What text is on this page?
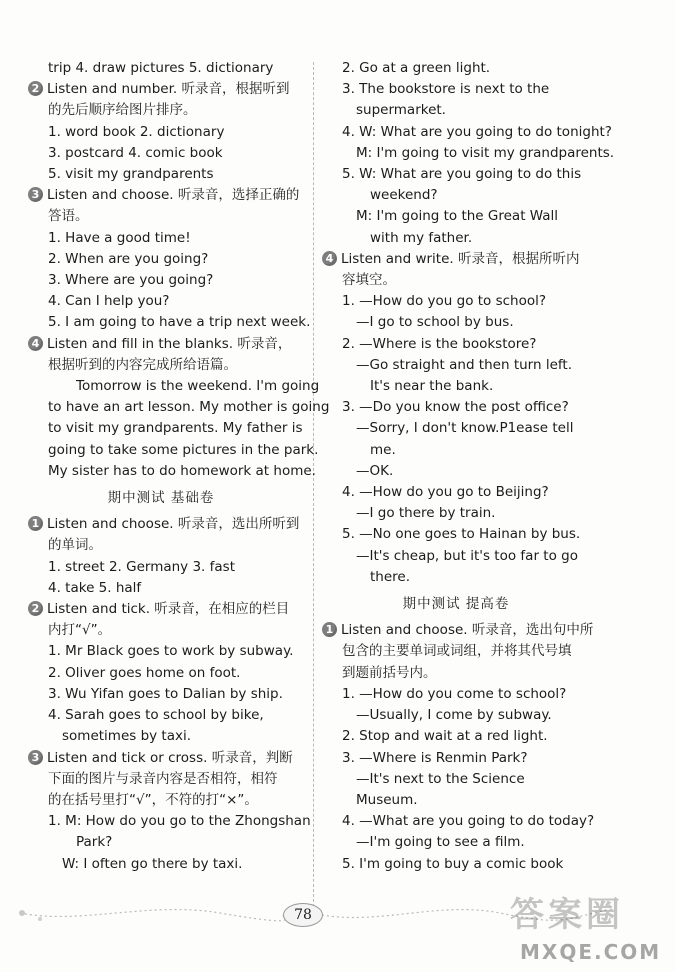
trip 4. draw pictures 5. dictionary
2 Listen and number. 听录音，根据听到
的先后顺序给图片排序。
1. word book 2. dictionary
3. postcard 4. comic book
5. visit my grandparents
3 Listen and choose. 听录音，选择正确的
答语。
1. Have a good time!
2. When are you going?
3. Where are you going?
4. Can I help you?
5. I am going to have a trip next week.
4 Listen and fill in the blanks. 听录音，
根据听到的内容完成所给语篇。
Tomorrow is the weekend. I'm going
to have an art lesson. My mother is going
to visit my grandparents. My father is
going to take some pictures in the park.
My sister has to do homework at home.
期中测试 基础卷
1 Listen and choose. 听录音，选出所听到
的单词。
1. street 2. Germany 3. fast
4. take 5. half
2 Listen and tick. 听录音，在相应的栏目
内打“√”。
1. Mr Black goes to work by subway.
2. Oliver goes home on foot.
3. Wu Yifan goes to Dalian by ship.
4. Sarah goes to school by bike,
sometimes by taxi.
3 Listen and tick or cross. 听录音，判断
下面的图片与录音内容是否相符，相符
的在括号里打“√”，不符的打“×”。
1. M: How do you go to the Zhongshan
Park?
W: I often go there by taxi.
2. Go at a green light.
3. The bookstore is next to the
supermarket.
4. W: What are you going to do tonight?
M: I'm going to visit my grandparents.
5. W: What are you going to do this
weekend?
M: I'm going to the Great Wall
with my father.
4 Listen and write. 听录音，根据所听内
容填空。
1. —How do you go to school?
—I go to school by bus.
2. —Where is the bookstore?
—Go straight and then turn left.
It's near the bank.
3. —Do you know the post office?
—Sorry, I don't know.P1ease tell
me.
—OK.
4. —How do you go to Beijing?
—I go there by train.
5. —No one goes to Hainan by bus.
—It's cheap, but it's too far to go
there.
期中测试 提高卷
1 Listen and choose. 听录音，选出句中所
包含的主要单词或词组，并将其代号填
到题前括号内。
1. —How do you come to school?
—Usually, I come by subway.
2. Stop and wait at a red light.
3. —Where is Renmin Park?
—It's next to the Science
Museum.
4. —What are you going to do today?
—I'm going to see a film.
5. I'm going to buy a comic book
78	答案圈
MXQE.COM
